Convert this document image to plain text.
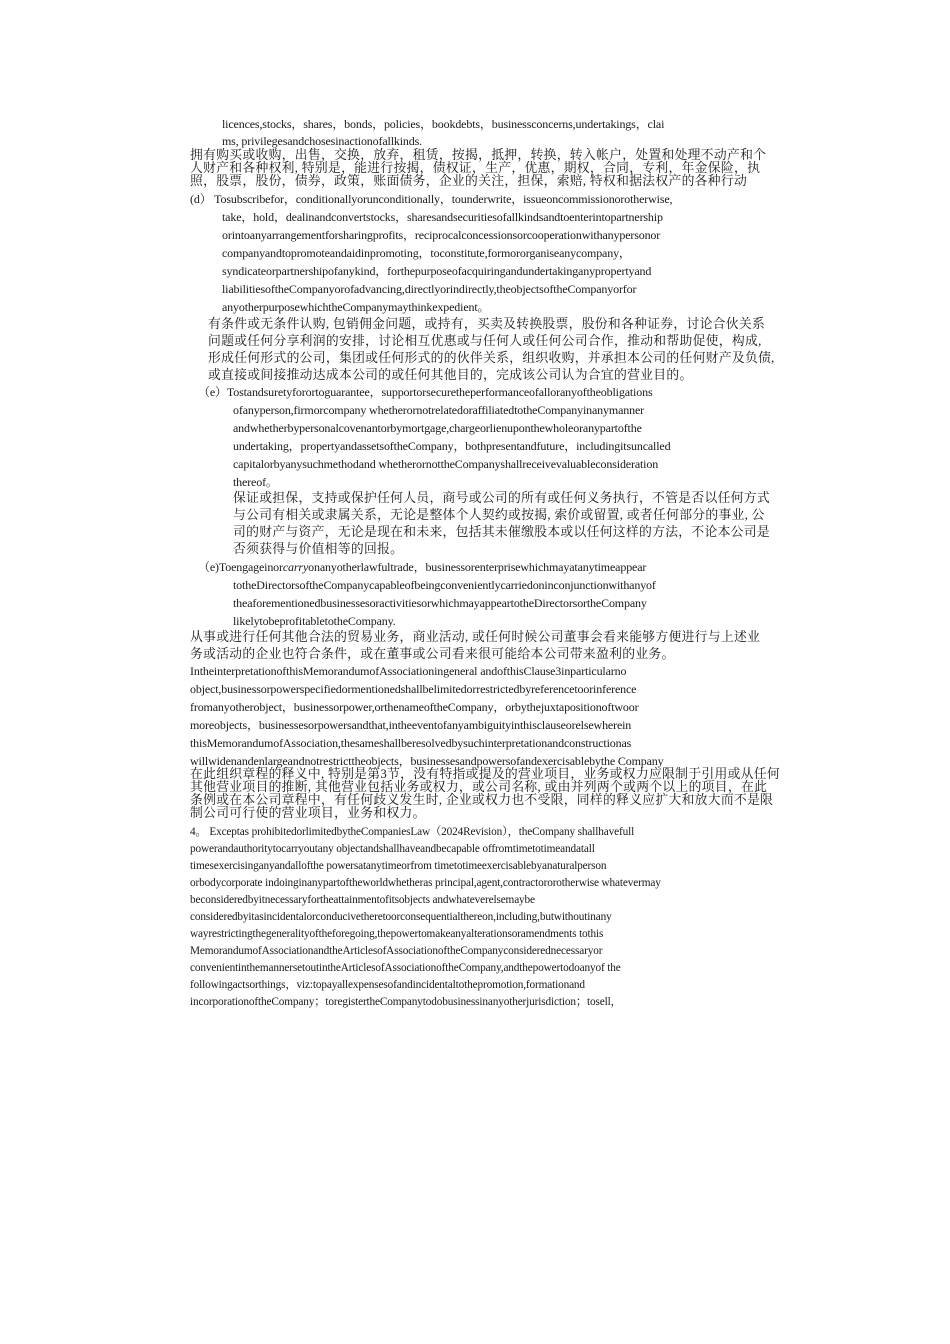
licences,stocks，shares，bonds，policies，bookdebts，businessconcerns,undertakings，clai
ms, privilegesandchosesinactionofallkinds.
拥有购买或收购，出售，交换，放弃，租赁，按揭，抵押，转换，转入帐户，处置和处理不动产和个
人财产和各种权利, 特别是，能进行按揭，债权证，生产，优惠，期权，合同，专利，年金保险，执
照，股票，股份，债券，政策，账面债务，企业的关注，担保，索赔, 特权和据法权产的各种行动
(d） Tosubscribefor，conditionallyorunconditionally，tounderwrite，issueoncommissionorotherwise,
take，hold，dealinandconvertstocks，sharesandsecuritiesofallkindsandtoenterintopartnership
orintoanyarrangementforsharingprofits，reciprocalconcessionsorcooperationwithanypersonor
companyandtopromoteandaidinpromoting，toconstitute,formororganiseanycompany，
syndicateorpartnershipofanykind，forthepurposeofacquiringandundertakinganypropertyand
liabilitiesoftheCompanyorofadvancing,directlyorindirectly,theobjectsoftheCompanyorfor
anyotherpurposewhichtheCompanymaythinkexpedient。
有条件或无条件认购, 包销佣金问题，或持有，买卖及转换股票，股份和各种证券，讨论合伙关系
问题或任何分享利润的安排，讨论相互优惠或与任何人或任何公司合作，推动和帮助促使，构成,
形成任何形式的公司，集团或任何形式的的伙伴关系，组织收购，并承担本公司的任何财产及负债,
或直接或间接推动达成本公司的或任何其他目的，完成该公司认为合宜的营业目的。
（e）Tostandsuretyforortoguarantee，supportorsecuretheperformanceofalloranyoftheobligations
ofanyperson,firmorcompany whetherornotrelatedoraffiliatedtotheCompanyinanymanner
andwhetherbypersonalcovenantorbymortgage,chargeorlienuponthewholeoranypartofthe
undertaking，propertyandassetsoftheCompany，bothpresentandfuture，includingitsuncalled
capitalorbyanysuchmethodand whetherornottheCompanyshallreceivevaluableconsideration
thereof。
保证或担保，支持或保护任何人员，商号或公司的所有或任何义务执行，不管是否以任何方式
与公司有相关或隶属关系，无论是整体个人契约或按揭, 索价或留置, 或者任何部分的事业, 公
司的财产与资产，无论是现在和未来，包括其未催缴股本或以任何这样的方法，不论本公司是
否须获得与价值相等的回报。
（e)Toengageinorcarryonanyotherlawfultrade，businessorenterprisewhichmayatanytimeappear
totheDirectorsoftheCompanycapableofbeingconvenientlycarriedoninconjunctionwithanyof
theaforementionedbusinessesoractivitiesorwhichmayappeartotheDirectorsortheCompany
likelytobeprofitabletotheCompany.
从事或进行任何其他合法的贸易业务，商业活动, 或任何时候公司董事会看来能够方便进行与上述业
务或活动的企业也符合条件，或在董事或公司看来很可能给本公司带来盈利的业务。
IntheinterpretationofthisMemorandumofAssociationingeneral andofthisClause3inparticularno
object,businessorpowerspecifiedormentionedshallbelimitedorrestrictedbyreferencetoorinference
fromanyotherobject，businessorpower,orthenameoftheCompany，orbythejuxtapositionoftwoor
moreobjects，businessesorpowersandthat,intheeventofanyambiguityinthisclauseorelsewherein
thisMemorandumofAssociation,thesameshallberesolvedbysuchinterpretationandconstructionas
willwidenandenlargeandnotrestricttheobjects，businessesandpowersofandexercisablebythe Company
在此组织章程的释义中, 特别是第3节，没有特指或提及的营业项目，业务或权力应限制于引用或从任何
其他营业项目的推断, 其他营业包括业务或权力，或公司名称, 或由并列两个或两个以上的项目，在此
条例或在本公司章程中，有任何歧义发生时, 企业或权力也不受限，同样的释义应扩大和放大而不是限
制公司可行使的营业项目，业务和权力。
4。 Exceptas prohibitedorlimitedbytheCompaniesLaw（2024Revision），theCompany shallhavefull
powerandauthoritytocarryoutany objectandshallhaveandbecapable offromtimetotimeandatall
timesexercisinganyandallofthe powersatanytimeorfrom timetotimeexercisablebyanaturalperson
orbodycorporate indoinginanypartoftheworldwhetheras principal,agent,contractororotherwise whatevermay
beconsideredbyitnecessaryfortheattainmentofitsobjects andwhateverelsemaybe
consideredbyitasincidentalorconducivetheretoorconsequentialthereon,including,butwithoutinany
wayrestrictingthegeneralityoftheforegoing,thepowertomakeanyalterationsoramendments tothis
MemorandumofAssociationandtheArticlesofAssociationoftheCompanyconsiderednecessaryor
convenientinthemannersetoutintheArticlesofAssociationoftheCompany,andthepowertodoanyof the
followingactsorthings，viz:topayallexpensesofandincidentaltothepromotion,formationand
incorporationoftheCompany；toregistertheCompanytodobusinessinanyotherjurisdiction；tosell，
